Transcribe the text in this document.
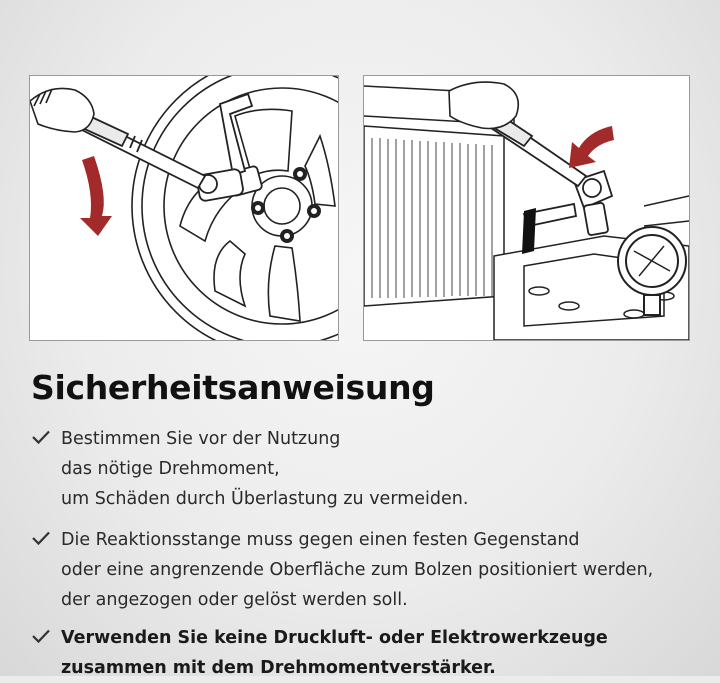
Sicherheitsanweisung
Bestimmen Sie vor der Nutzung
das nötige Drehmoment,
um Schäden durch Überlastung zu vermeiden.
Die Reaktionsstange muss gegen einen festen Gegenstand
oder eine angrenzende Oberfläche zum Bolzen positioniert werden,
der angezogen oder gelöst werden soll.
Verwenden Sie keine Druckluft- oder Elektrowerkzeuge
zusammen mit dem Drehmomentverstärker.
